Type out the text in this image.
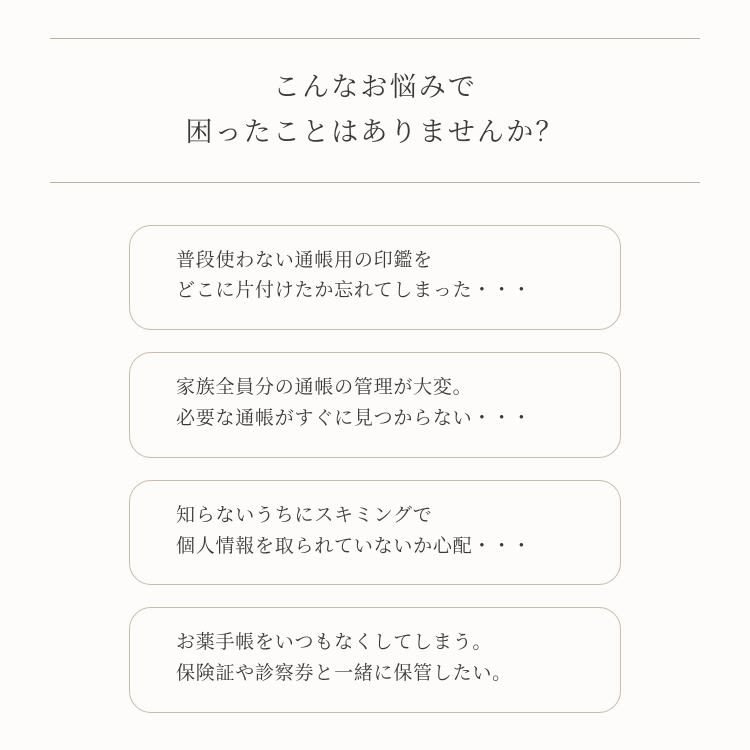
こんなお悩みで
困ったことはありませんか？
普段使わない通帳用の印鑑を
どこに片付けたか忘れてしまった・・・
家族全員分の通帳の管理が大変。
必要な通帳がすぐに見つからない・・・
知らないうちにスキミングで
個人情報を取られていないか心配・・・
お薬手帳をいつもなくしてしまう。
保険証や診察券と一緒に保管したい。
